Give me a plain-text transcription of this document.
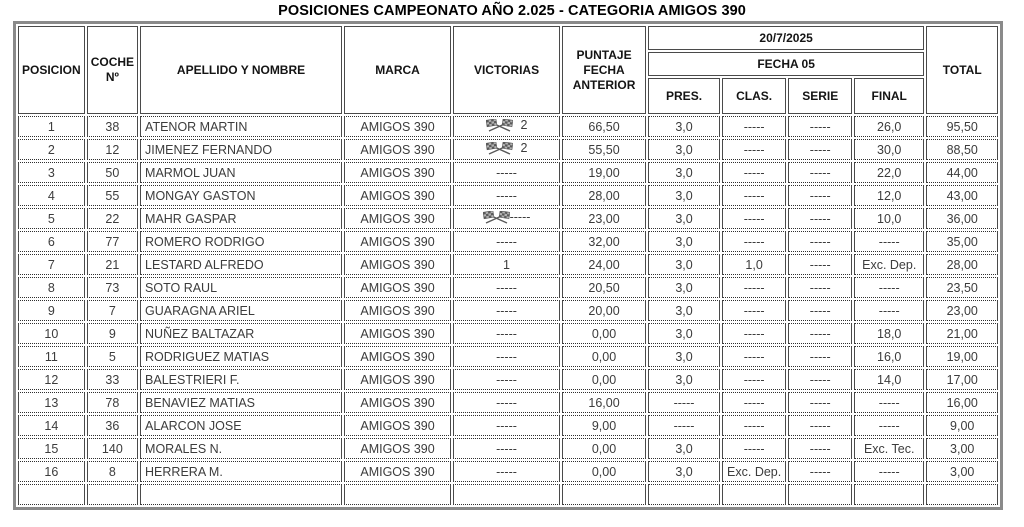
POSICIONES CAMPEONATO AÑO 2.025 - CATEGORIA AMIGOS 390
POSICION	COCHE Nº	APELLIDO Y NOMBRE	MARCA	VICTORIAS	PUNTAJE FECHA ANTERIOR	20/7/2025				TOTAL
						FECHA 05				
						PRES.	CLAS.	SERIE	FINAL	
1	38	ATENOR MARTIN	AMIGOS 390	2	66,50	3,0	-----	-----	26,0	95,50
2	12	JIMENEZ FERNANDO	AMIGOS 390	2	55,50	3,0	-----	-----	30,0	88,50
3	50	MARMOL JUAN	AMIGOS 390	-----	19,00	3,0	-----	-----	22,0	44,00
4	55	MONGAY GASTON	AMIGOS 390	-----	28,00	3,0	-----	-----	12,0	43,00
5	22	MAHR GASPAR	AMIGOS 390	-----	23,00	3,0	-----	-----	10,0	36,00
6	77	ROMERO RODRIGO	AMIGOS 390	-----	32,00	3,0	-----	-----	-----	35,00
7	21	LESTARD ALFREDO	AMIGOS 390	1	24,00	3,0	1,0	-----	Exc. Dep.	28,00
8	73	SOTO RAUL	AMIGOS 390	-----	20,50	3,0	-----	-----	-----	23,50
9	7	GUARAGNA ARIEL	AMIGOS 390	-----	20,00	3,0	-----	-----	-----	23,00
10	9	NUÑEZ BALTAZAR	AMIGOS 390	-----	0,00	3,0	-----	-----	18,0	21,00
11	5	RODRIGUEZ MATIAS	AMIGOS 390	-----	0,00	3,0	-----	-----	16,0	19,00
12	33	BALESTRIERI F.	AMIGOS 390	-----	0,00	3,0	-----	-----	14,0	17,00
13	78	BENAVIEZ MATIAS	AMIGOS 390	-----	16,00	-----	-----	-----	-----	16,00
14	36	ALARCON JOSE	AMIGOS 390	-----	9,00	-----	-----	-----	-----	9,00
15	140	MORALES N.	AMIGOS 390	-----	0,00	3,0	-----	-----	Exc. Tec.	3,00
16	8	HERRERA M.	AMIGOS 390	-----	0,00	3,0	Exc. Dep.	-----	-----	3,00
